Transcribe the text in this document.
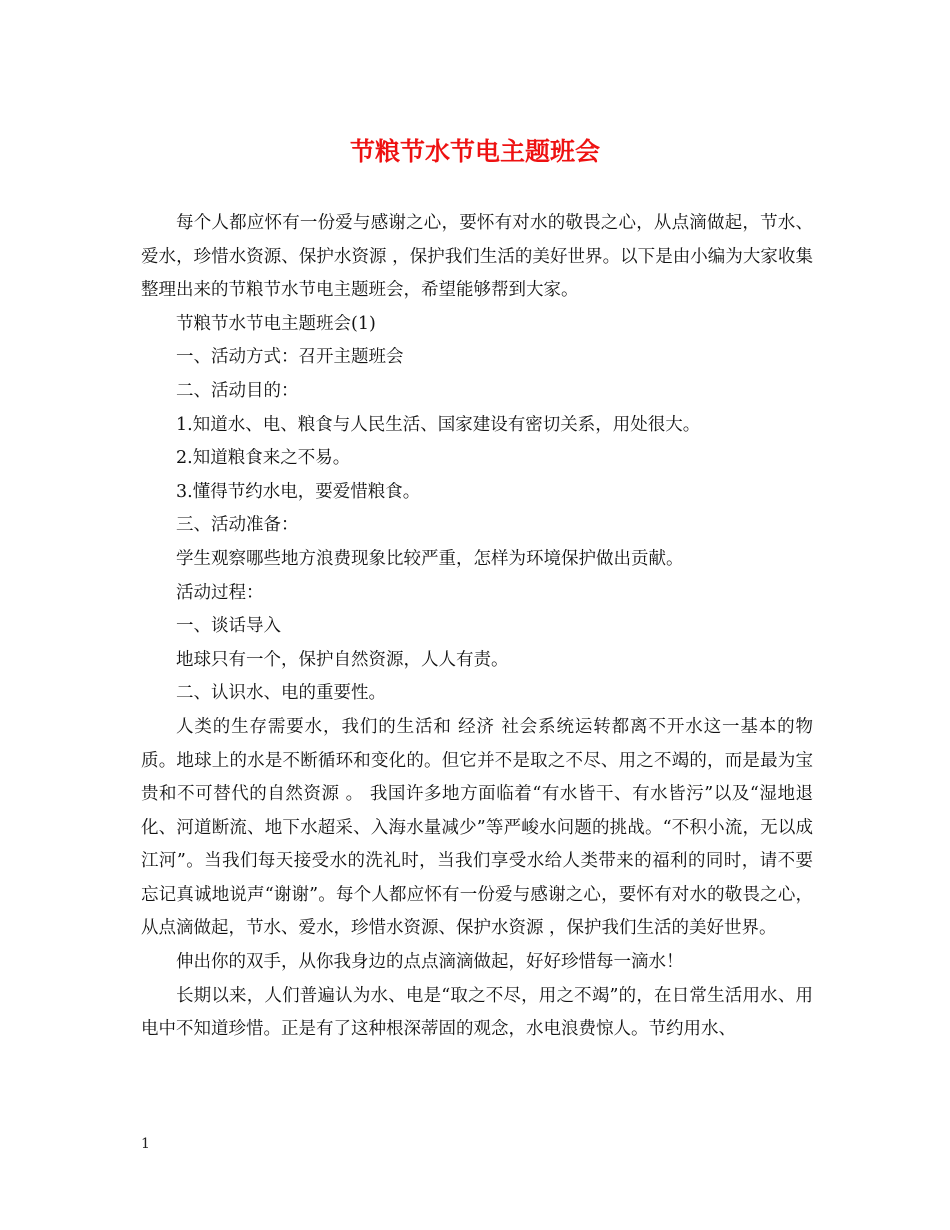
节粮节水节电主题班会

每个人都应怀有一份爱与感谢之心，要怀有对水的敬畏之心，从点滴做起，节水、爱水，珍惜水资源、保护水资源 ，保护我们生活的美好世界。以下是由小编为大家收集整理出来的节粮节水节电主题班会，希望能够帮到大家。

节粮节水节电主题班会(1)

一、活动方式：召开主题班会

二、活动目的：

1.知道水、电、粮食与人民生活、国家建设有密切关系，用处很大。

2.知道粮食来之不易。

3.懂得节约水电，要爱惜粮食。

三、活动准备：

学生观察哪些地方浪费现象比较严重，怎样为环境保护做出贡献。

活动过程：

一、谈话导入

地球只有一个，保护自然资源，人人有责。

二、认识水、电的重要性。

人类的生存需要水，我们的生活和 经济 社会系统运转都离不开水这一基本的物质。地球上的水是不断循环和变化的。但它并不是取之不尽、用之不竭的，而是最为宝贵和不可替代的自然资源 。 我国许多地方面临着“有水皆干、有水皆污”以及“湿地退化、河道断流、地下水超采、入海水量减少”等严峻水问题的挑战。“不积小流，无以成江河”。当我们每天接受水的洗礼时，当我们享受水给人类带来的福利的同时，请不要忘记真诚地说声“谢谢”。每个人都应怀有一份爱与感谢之心，要怀有对水的敬畏之心，从点滴做起，节水、爱水，珍惜水资源、保护水资源 ，保护我们生活的美好世界。

伸出你的双手，从你我身边的点点滴滴做起，好好珍惜每一滴水！

长期以来，人们普遍认为水、电是“取之不尽，用之不竭”的，在日常生活用水、用电中不知道珍惜。正是有了这种根深蒂固的观念，水电浪费惊人。节约用水、

1
